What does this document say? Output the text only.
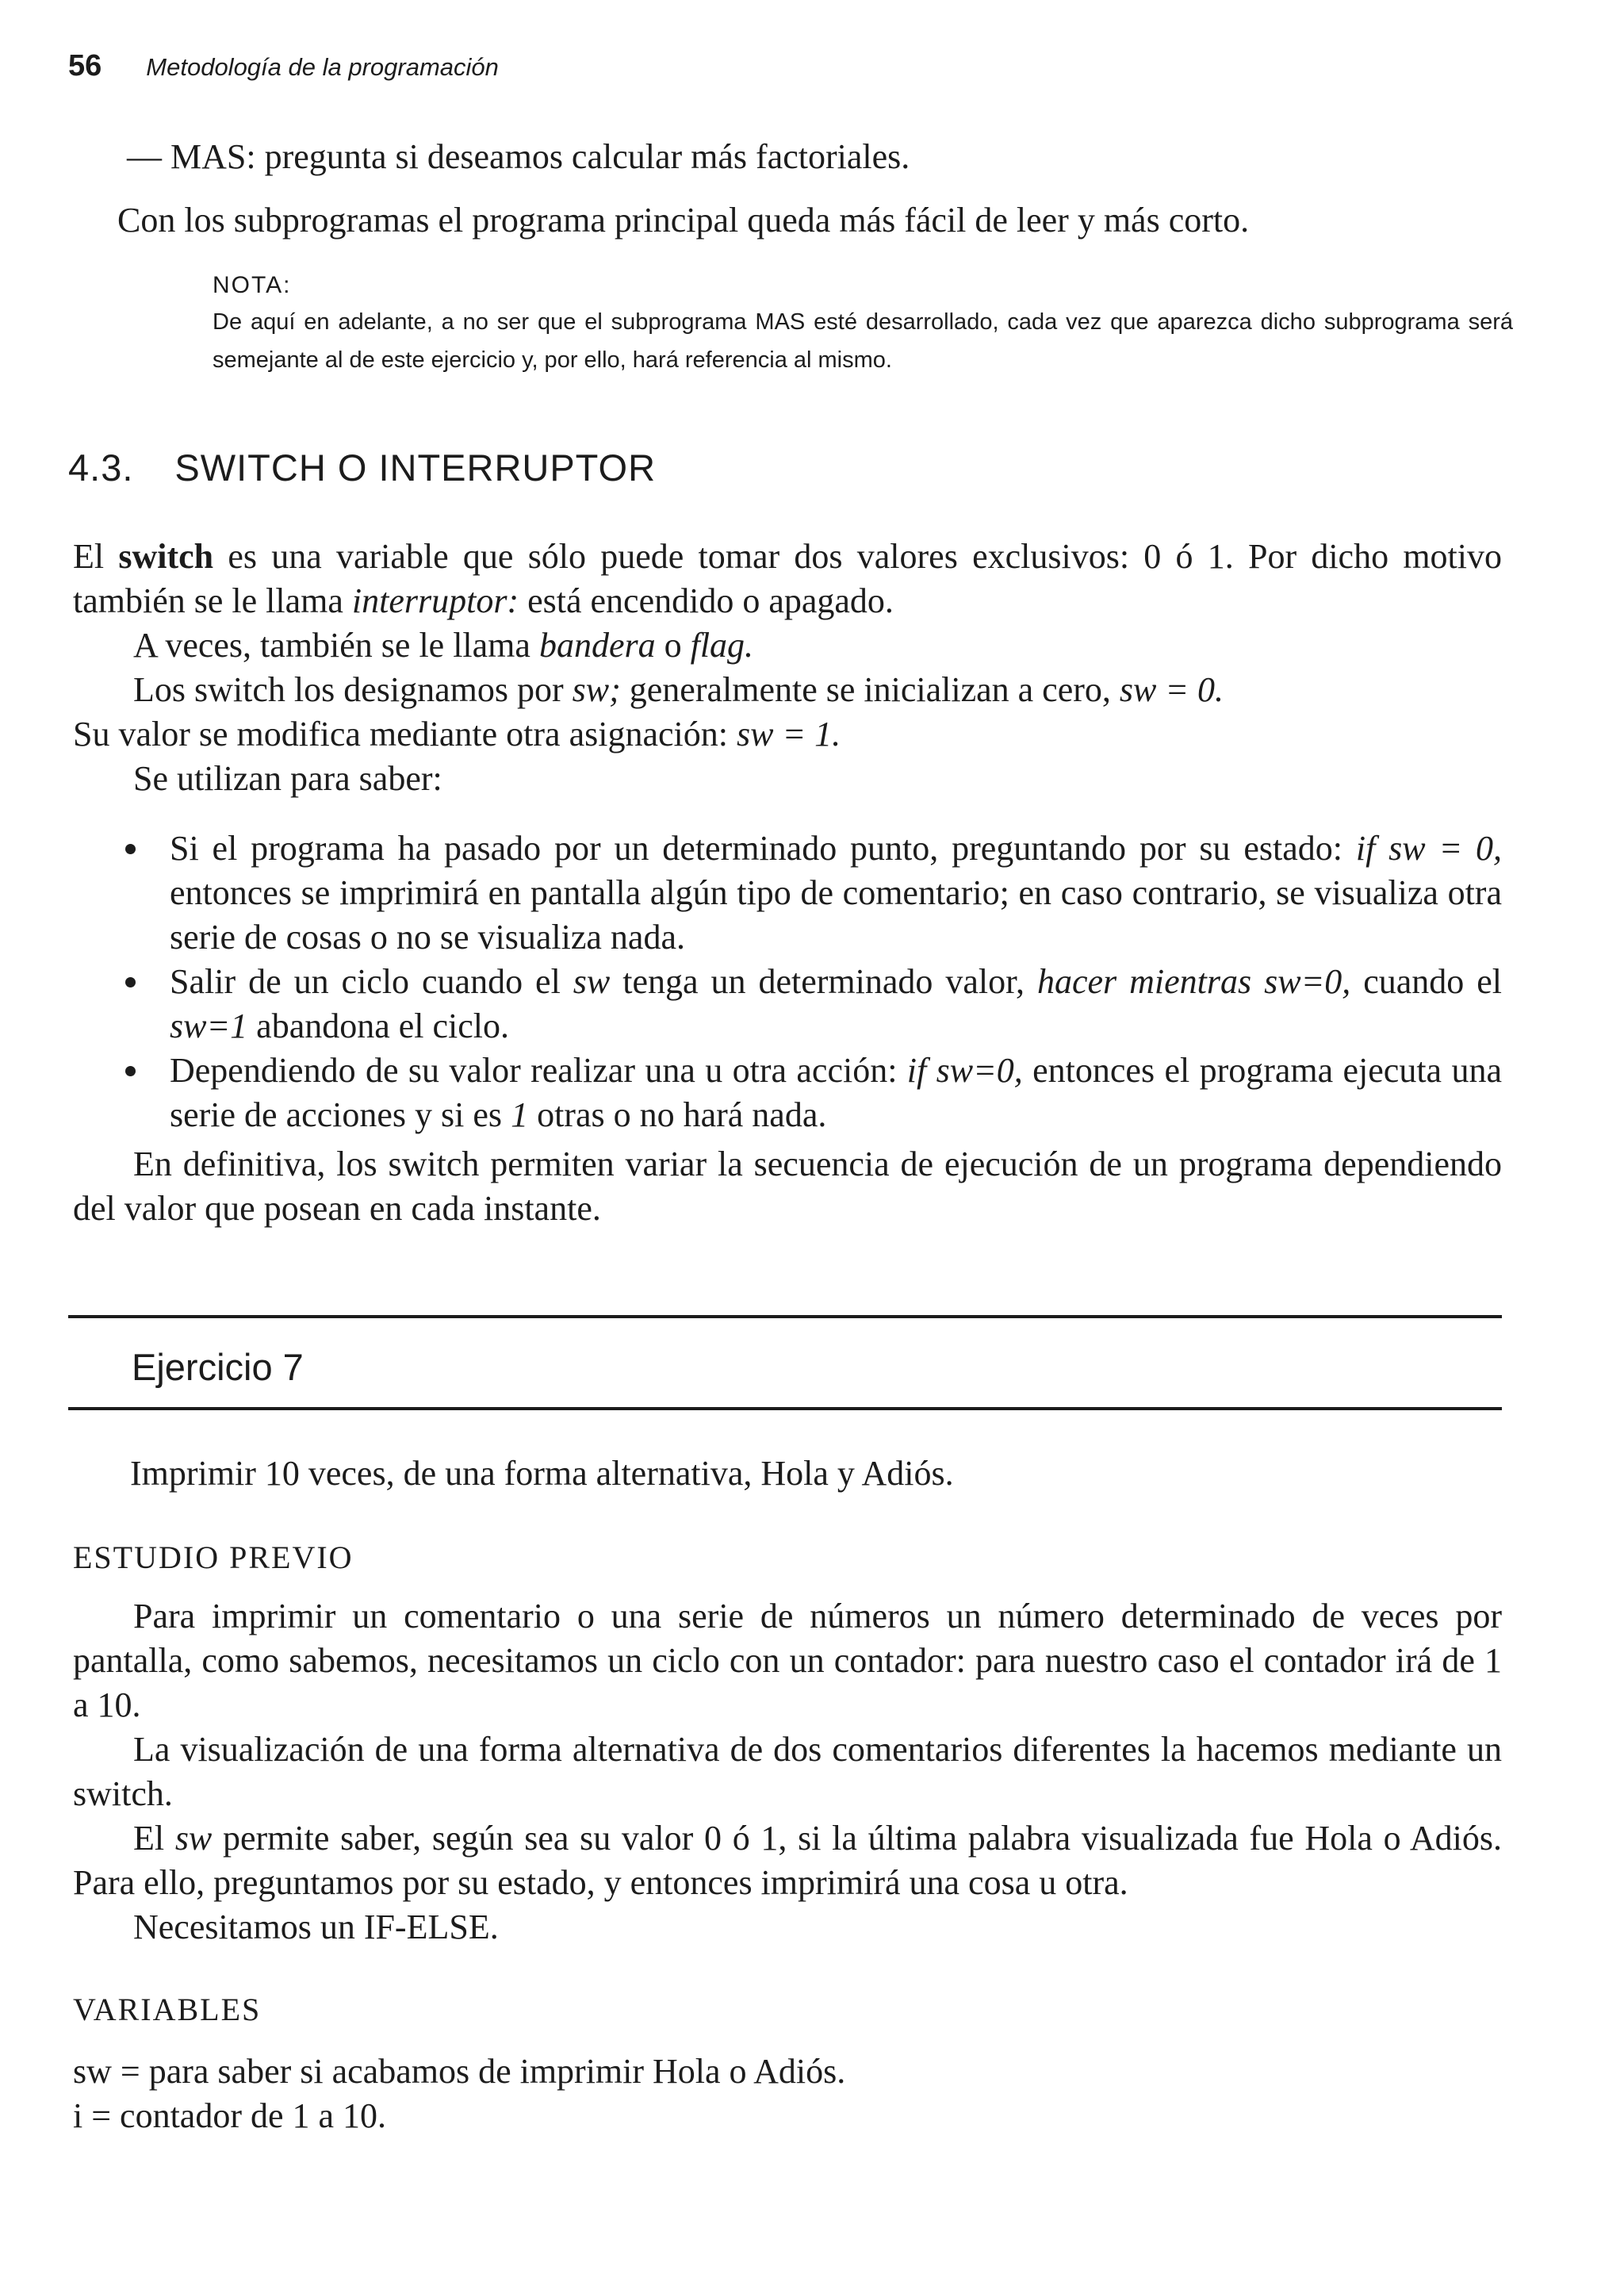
56 Metodología de la programación
— MAS: pregunta si deseamos calcular más factoriales.
Con los subprogramas el programa principal queda más fácil de leer y más corto.
NOTA:
De aquí en adelante, a no ser que el subprograma MAS esté desarrollado, cada vez que aparezca dicho subprograma será semejante al de este ejercicio y, por ello, hará referencia al mismo.
4.3. SWITCH O INTERRUPTOR

El switch es una variable que sólo puede tomar dos valores exclusivos: 0 ó 1. Por dicho motivo también se le llama interruptor: está encendido o apagado.

A veces, también se le llama bandera o flag.

Los switch los designamos por sw; generalmente se inicializan a cero, sw = 0.

Su valor se modifica mediante otra asignación: sw = 1.

Se utilizan para saber:

Si el programa ha pasado por un determinado punto, preguntando por su estado: if sw = 0, entonces se imprimirá en pantalla algún tipo de comentario; en caso contrario, se visualiza otra serie de cosas o no se visualiza nada.
Salir de un ciclo cuando el sw tenga un determinado valor, hacer mientras sw=0, cuando el sw=1 abandona el ciclo.
Dependiendo de su valor realizar una u otra acción: if sw=0, entonces el programa ejecuta una serie de acciones y si es 1 otras o no hará nada.
En definitiva, los switch permiten variar la secuencia de ejecución de un programa dependiendo del valor que posean en cada instante.
Ejercicio 7
Imprimir 10 veces, de una forma alternativa, Hola y Adiós.
ESTUDIO PREVIO

Para imprimir un comentario o una serie de números un número determinado de veces por pantalla, como sabemos, necesitamos un ciclo con un contador: para nuestro caso el contador irá de 1 a 10.

La visualización de una forma alternativa de dos comentarios diferentes la hacemos mediante un switch.

El sw permite saber, según sea su valor 0 ó 1, si la última palabra visualizada fue Hola o Adiós. Para ello, preguntamos por su estado, y entonces imprimirá una cosa u otra.

Necesitamos un IF-ELSE.

VARIABLES
sw = para saber si acabamos de imprimir Hola o Adiós.
i = contador de 1 a 10.
